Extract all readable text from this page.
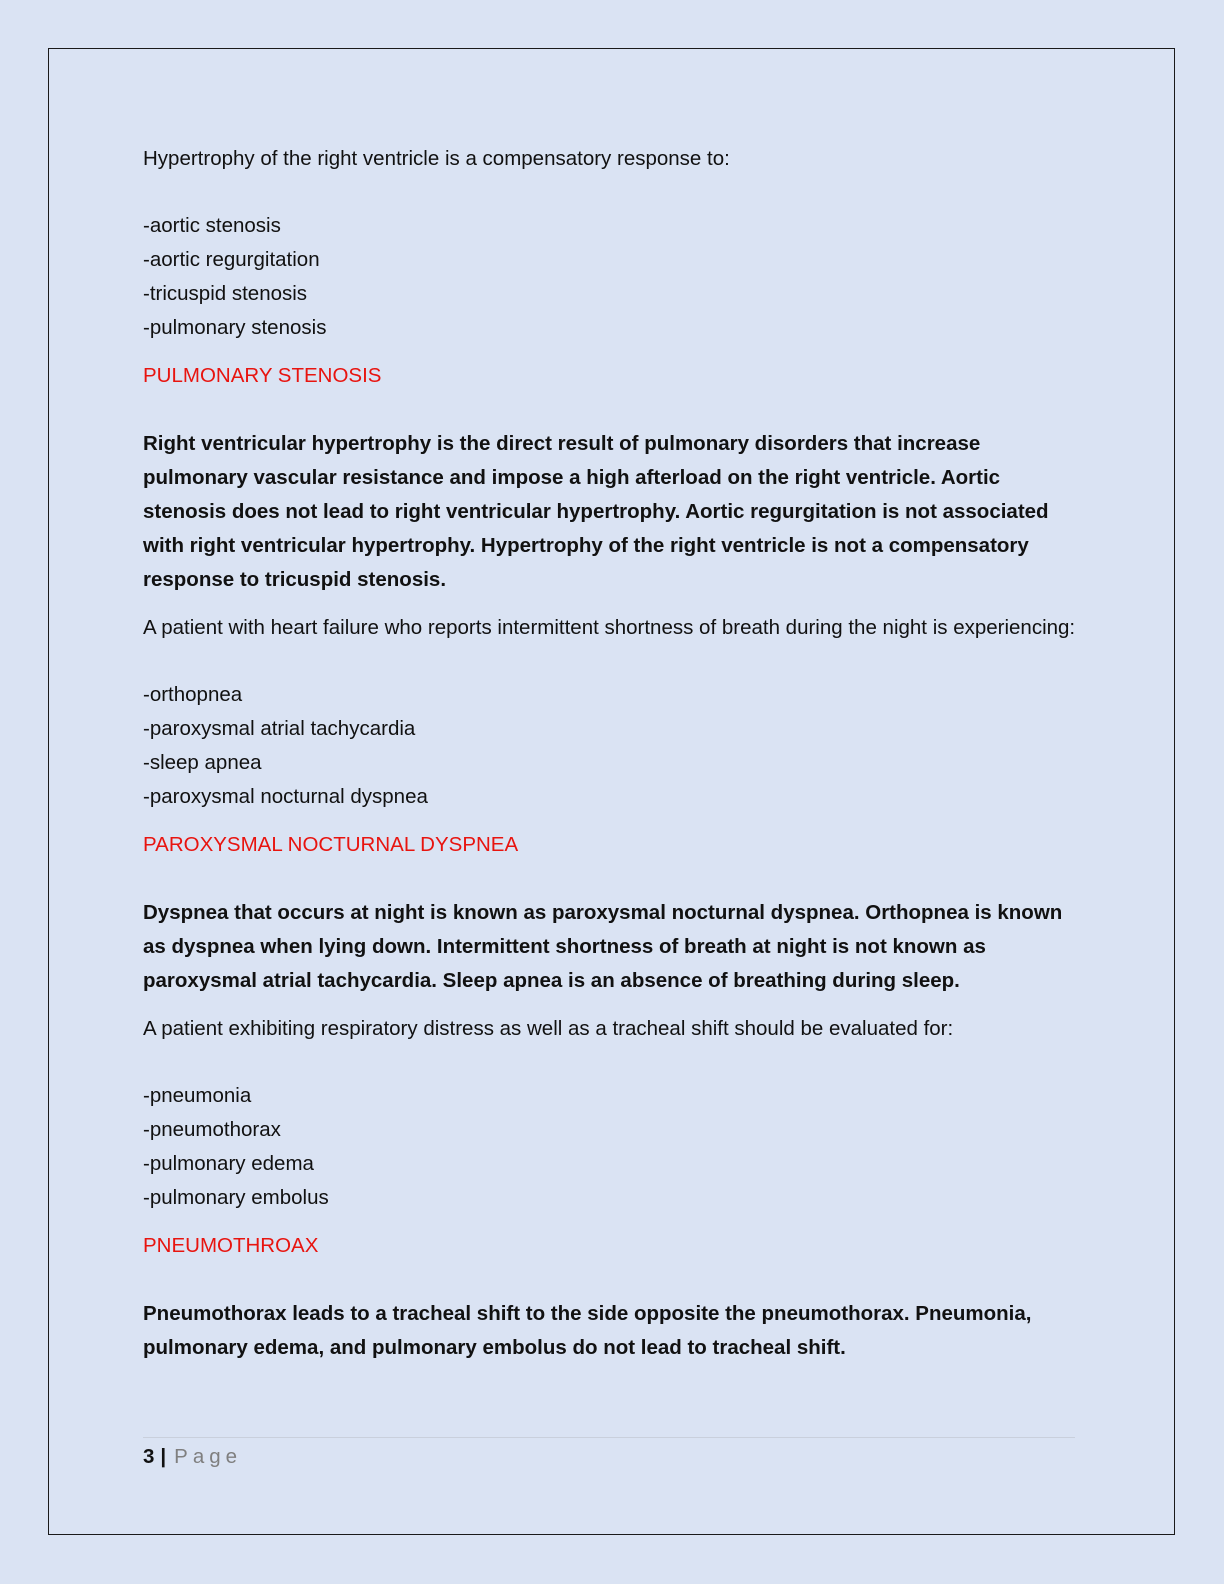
Hypertrophy of the right ventricle is a compensatory response to:

-aortic stenosis
-aortic regurgitation
-tricuspid stenosis
-pulmonary stenosis

PULMONARY STENOSIS

Right ventricular hypertrophy is the direct result of pulmonary disorders that increase pulmonary vascular resistance and impose a high afterload on the right ventricle. Aortic stenosis does not lead to right ventricular hypertrophy. Aortic regurgitation is not associated with right ventricular hypertrophy. Hypertrophy of the right ventricle is not a compensatory response to tricuspid stenosis.

A patient with heart failure who reports intermittent shortness of breath during the night is experiencing:

-orthopnea
-paroxysmal atrial tachycardia
-sleep apnea
-paroxysmal nocturnal dyspnea

PAROXYSMAL NOCTURNAL DYSPNEA

Dyspnea that occurs at night is known as paroxysmal nocturnal dyspnea. Orthopnea is known as dyspnea when lying down. Intermittent shortness of breath at night is not known as paroxysmal atrial tachycardia. Sleep apnea is an absence of breathing during sleep.

A patient exhibiting respiratory distress as well as a tracheal shift should be evaluated for:

-pneumonia
-pneumothorax
-pulmonary edema
-pulmonary embolus

PNEUMOTHROAX

Pneumothorax leads to a tracheal shift to the side opposite the pneumothorax. Pneumonia, pulmonary edema, and pulmonary embolus do not lead to tracheal shift.

3 | Page
